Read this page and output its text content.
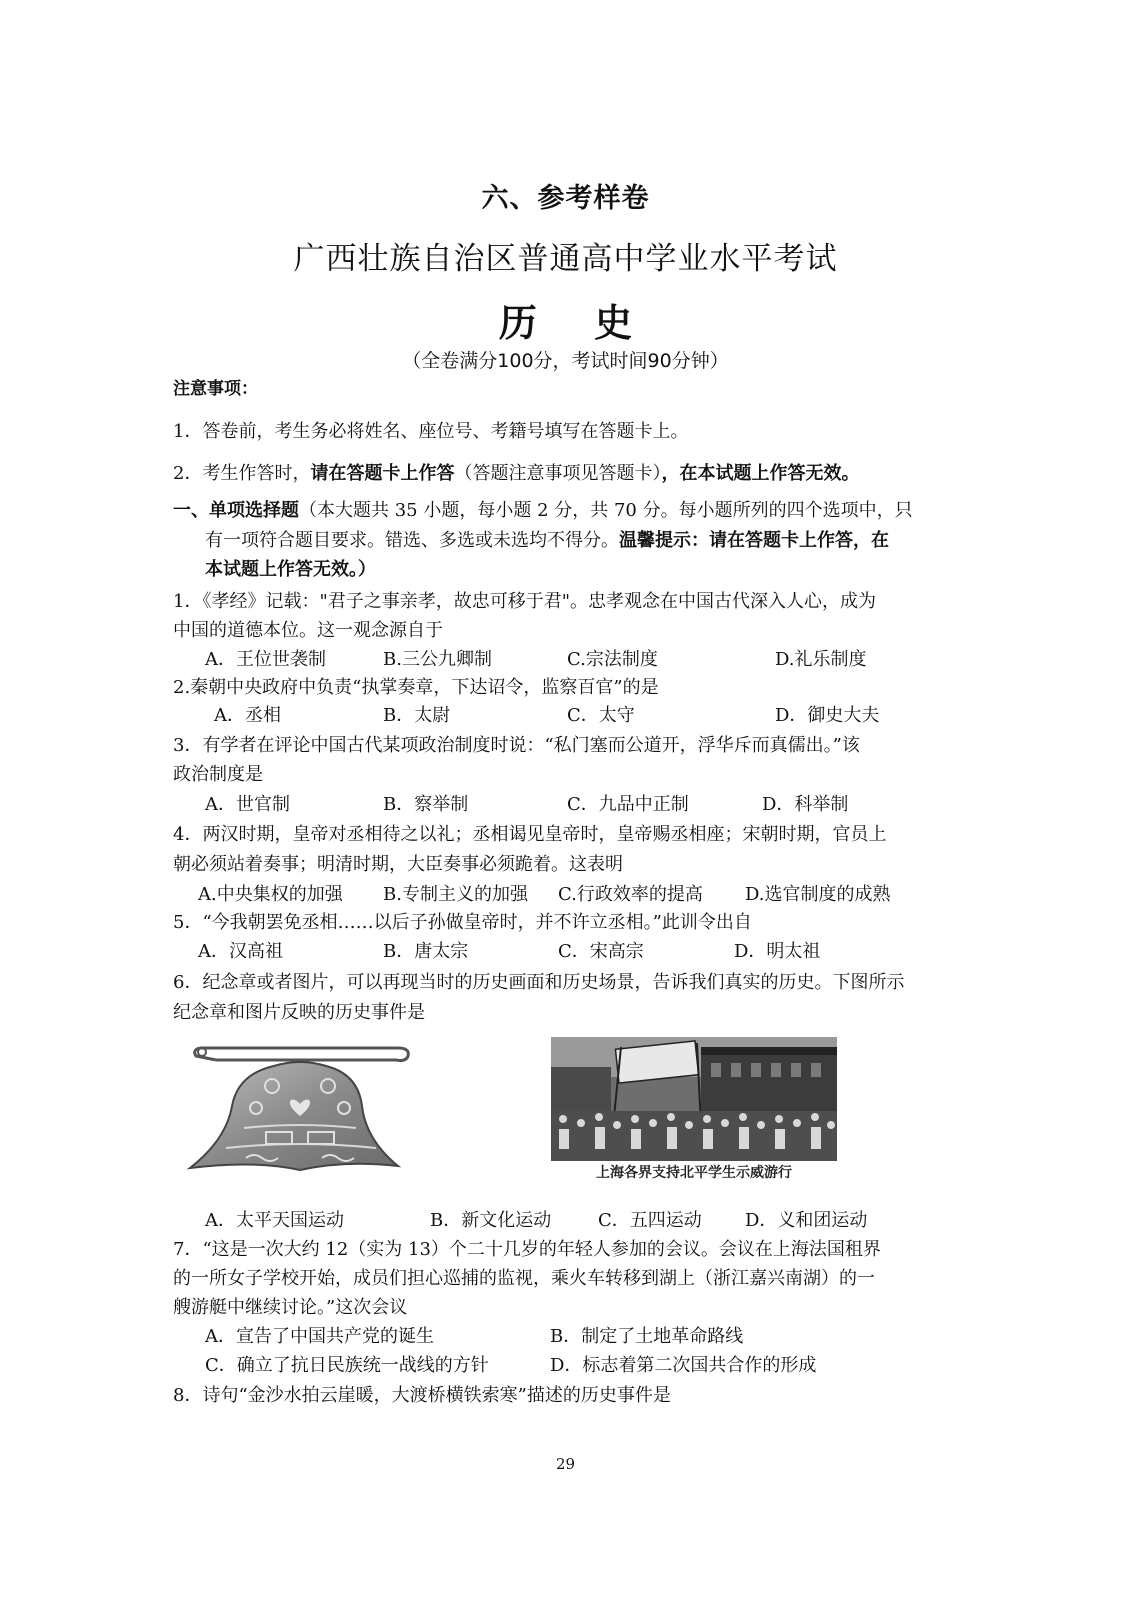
六、参考样卷
广西壮族自治区普通高中学业水平考试
历 史
（全卷满分100分，考试时间90分钟）
注意事项：
1．答卷前，考生务必将姓名、座位号、考籍号填写在答题卡上。
2．考生作答时，请在答题卡上作答（答题注意事项见答题卡），在本试题上作答无效。
一、单项选择题（本大题共 35 小题，每小题 2 分，共 70 分。每小题所列的四个选项中，只
有一项符合题目要求。错选、多选或未选均不得分。温馨提示：请在答题卡上作答，在
本试题上作答无效。）
1．《孝经》记载："君子之事亲孝，故忠可移于君"。忠孝观念在中国古代深入人心，成为
中国的道德本位。这一观念源自于
A．王位世袭制	B.三公九卿制	C.宗法制度	D.礼乐制度
2.秦朝中央政府中负责“执掌奏章，下达诏令，监察百官”的是
A．丞相	B．太尉	C．太守	D．御史大夫
3．有学者在评论中国古代某项政治制度时说：“私门塞而公道开，浮华斥而真儒出。”该
政治制度是
A．世官制	B．察举制	C．九品中正制	D．科举制
4．两汉时期，皇帝对丞相待之以礼；丞相谒见皇帝时，皇帝赐丞相座；宋朝时期，官员上
朝必须站着奏事；明清时期，大臣奏事必须跪着。这表明
A.中央集权的加强 B.专制主义的加强 C.行政效率的提高 D.选官制度的成熟
5．“今我朝罢免丞相……以后子孙做皇帝时，并不许立丞相。”此训令出自
A．汉高祖	B．唐太宗	C．宋高宗	D．明太祖
6．纪念章或者图片，可以再现当时的历史画面和历史场景，告诉我们真实的历史。下图所示
纪念章和图片反映的历史事件是
上海各界支持北平学生示威游行
A．太平天国运动	B．新文化运动	C．五四运动 D．义和团运动
7．“这是一次大约 12（实为 13）个二十几岁的年轻人参加的会议。会议在上海法国租界
的一所女子学校开始，成员们担心巡捕的监视，乘火车转移到湖上（浙江嘉兴南湖）的一
艘游艇中继续讨论。”这次会议
A．宣告了中国共产党的诞生	B．制定了土地革命路线
C．确立了抗日民族统一战线的方针	D．标志着第二次国共合作的形成
8．诗句“金沙水拍云崖暖，大渡桥横铁索寒”描述的历史事件是
29
